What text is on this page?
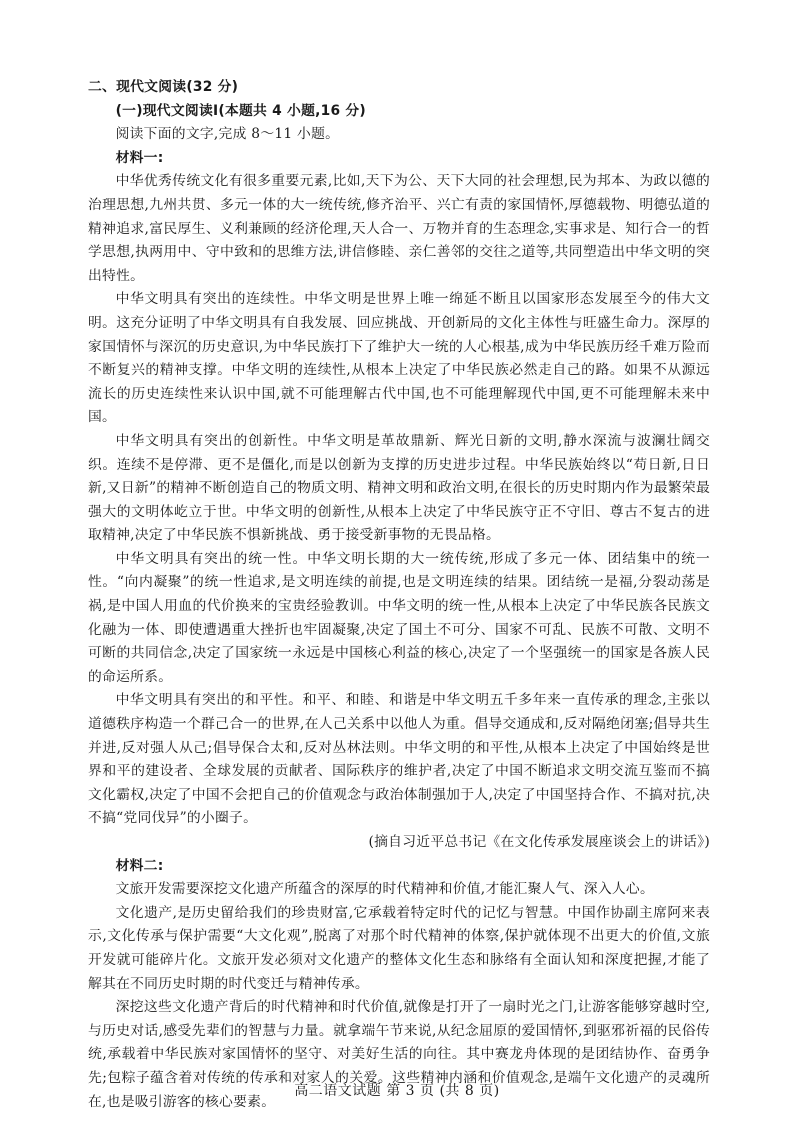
二、现代文阅读(32 分)

(一)现代文阅读Ⅰ(本题共 4 小题,16 分)

阅读下面的文字,完成 8～11 小题。

材料一:

中华优秀传统文化有很多重要元素,比如,天下为公、天下大同的社会理想,民为邦本、为政以德的治理思想,九州共贯、多元一体的大一统传统,修齐治平、兴亡有责的家国情怀,厚德载物、明德弘道的精神追求,富民厚生、义利兼顾的经济伦理,天人合一、万物并育的生态理念,实事求是、知行合一的哲学思想,执两用中、守中致和的思维方法,讲信修睦、亲仁善邻的交往之道等,共同塑造出中华文明的突出特性。

中华文明具有突出的连续性。中华文明是世界上唯一绵延不断且以国家形态发展至今的伟大文明。这充分证明了中华文明具有自我发展、回应挑战、开创新局的文化主体性与旺盛生命力。深厚的家国情怀与深沉的历史意识,为中华民族打下了维护大一统的人心根基,成为中华民族历经千难万险而不断复兴的精神支撑。中华文明的连续性,从根本上决定了中华民族必然走自己的路。如果不从源远流长的历史连续性来认识中国,就不可能理解古代中国,也不可能理解现代中国,更不可能理解未来中国。

中华文明具有突出的创新性。中华文明是革故鼎新、辉光日新的文明,静水深流与波澜壮阔交织。连续不是停滞、更不是僵化,而是以创新为支撑的历史进步过程。中华民族始终以“苟日新,日日新,又日新”的精神不断创造自己的物质文明、精神文明和政治文明,在很长的历史时期内作为最繁荣最强大的文明体屹立于世。中华文明的创新性,从根本上决定了中华民族守正不守旧、尊古不复古的进取精神,决定了中华民族不惧新挑战、勇于接受新事物的无畏品格。

中华文明具有突出的统一性。中华文明长期的大一统传统,形成了多元一体、团结集中的统一性。“向内凝聚”的统一性追求,是文明连续的前提,也是文明连续的结果。团结统一是福,分裂动荡是祸,是中国人用血的代价换来的宝贵经验教训。中华文明的统一性,从根本上决定了中华民族各民族文化融为一体、即使遭遇重大挫折也牢固凝聚,决定了国土不可分、国家不可乱、民族不可散、文明不可断的共同信念,决定了国家统一永远是中国核心利益的核心,决定了一个坚强统一的国家是各族人民的命运所系。

中华文明具有突出的和平性。和平、和睦、和谐是中华文明五千多年来一直传承的理念,主张以道德秩序构造一个群己合一的世界,在人己关系中以他人为重。倡导交通成和,反对隔绝闭塞;倡导共生并进,反对强人从己;倡导保合太和,反对丛林法则。中华文明的和平性,从根本上决定了中国始终是世界和平的建设者、全球发展的贡献者、国际秩序的维护者,决定了中国不断追求文明交流互鉴而不搞文化霸权,决定了中国不会把自己的价值观念与政治体制强加于人,决定了中国坚持合作、不搞对抗,决不搞“党同伐异”的小圈子。

(摘自习近平总书记《在文化传承发展座谈会上的讲话》)

材料二:

文旅开发需要深挖文化遗产所蕴含的深厚的时代精神和价值,才能汇聚人气、深入人心。

文化遗产,是历史留给我们的珍贵财富,它承载着特定时代的记忆与智慧。中国作协副主席阿来表示,文化传承与保护需要“大文化观”,脱离了对那个时代精神的体察,保护就体现不出更大的价值,文旅开发就可能碎片化。文旅开发必须对文化遗产的整体文化生态和脉络有全面认知和深度把握,才能了解其在不同历史时期的时代变迁与精神传承。

深挖这些文化遗产背后的时代精神和时代价值,就像是打开了一扇时光之门,让游客能够穿越时空,与历史对话,感受先辈们的智慧与力量。就拿端午节来说,从纪念屈原的爱国情怀,到驱邪祈福的民俗传统,承载着中华民族对家国情怀的坚守、对美好生活的向往。其中赛龙舟体现的是团结协作、奋勇争先;包粽子蕴含着对传统的传承和对家人的关爱。这些精神内涵和价值观念,是端午文化遗产的灵魂所在,也是吸引游客的核心要素。

高二语文试题 第 3 页 (共 8 页)
